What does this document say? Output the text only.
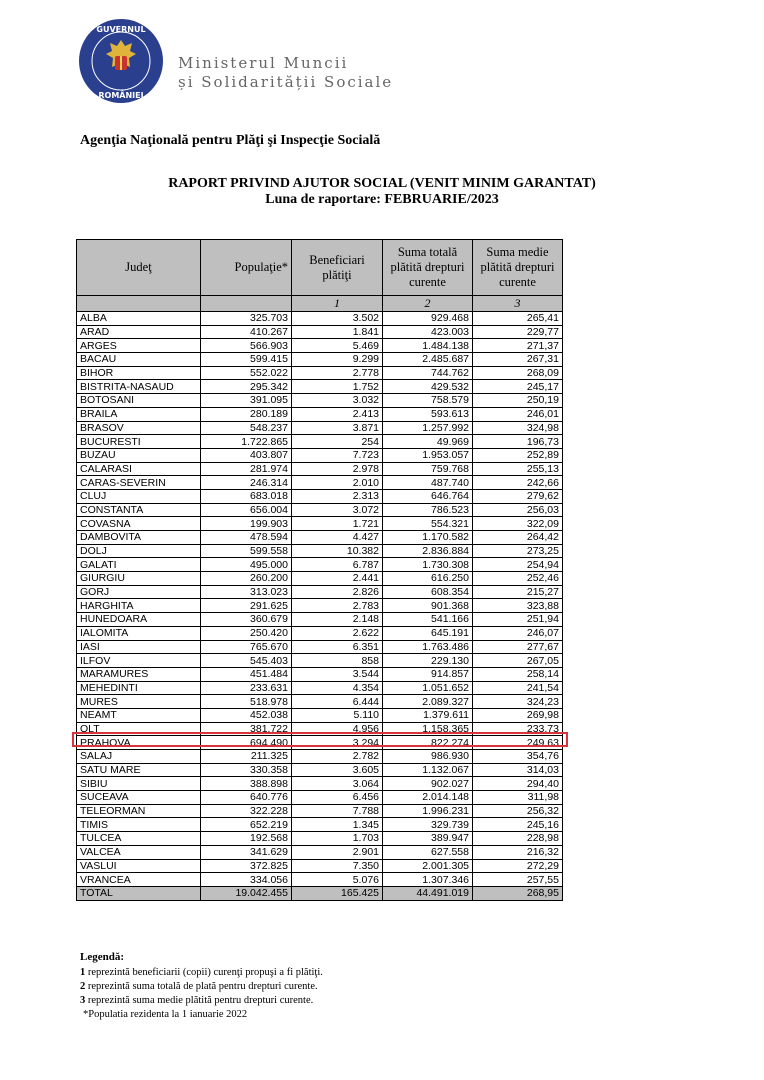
GUVERNUL
ROMÂNIEI
Ministerul Muncii
și Solidarității Sociale
Agenţia Naţională pentru Plăţi şi Inspecţie Socială
RAPORT PRIVIND AJUTOR SOCIAL (VENIT MINIM GARANTAT)
Luna de raportare: FEBRUARIE/2023
Judeţ	Populaţie*	Beneficiari plătiţi	Suma totală plătită drepturi curente	Suma medie plătită drepturi curente
		1	2	3
ALBA	325.703	3.502	929.468	265,41
ARAD	410.267	1.841	423.003	229,77
ARGES	566.903	5.469	1.484.138	271,37
BACAU	599.415	9.299	2.485.687	267,31
BIHOR	552.022	2.778	744.762	268,09
BISTRITA-NASAUD	295.342	1.752	429.532	245,17
BOTOSANI	391.095	3.032	758.579	250,19
BRAILA	280.189	2.413	593.613	246,01
BRASOV	548.237	3.871	1.257.992	324,98
BUCURESTI	1.722.865	254	49.969	196,73
BUZAU	403.807	7.723	1.953.057	252,89
CALARASI	281.974	2.978	759.768	255,13
CARAS-SEVERIN	246.314	2.010	487.740	242,66
CLUJ	683.018	2.313	646.764	279,62
CONSTANTA	656.004	3.072	786.523	256,03
COVASNA	199.903	1.721	554.321	322,09
DAMBOVITA	478.594	4.427	1.170.582	264,42
DOLJ	599.558	10.382	2.836.884	273,25
GALATI	495.000	6.787	1.730.308	254,94
GIURGIU	260.200	2.441	616.250	252,46
GORJ	313.023	2.826	608.354	215,27
HARGHITA	291.625	2.783	901.368	323,88
HUNEDOARA	360.679	2.148	541.166	251,94
IALOMITA	250.420	2.622	645.191	246,07
IASI	765.670	6.351	1.763.486	277,67
ILFOV	545.403	858	229.130	267,05
MARAMURES	451.484	3.544	914.857	258,14
MEHEDINTI	233.631	4.354	1.051.652	241,54
MURES	518.978	6.444	2.089.327	324,23
NEAMT	452.038	5.110	1.379.611	269,98
OLT	381.722	4.956	1.158.365	233,73
PRAHOVA	694.490	3.294	822.274	249,63
SALAJ	211.325	2.782	986.930	354,76
SATU MARE	330.358	3.605	1.132.067	314,03
SIBIU	388.898	3.064	902.027	294,40
SUCEAVA	640.776	6.456	2.014.148	311,98
TELEORMAN	322.228	7.788	1.996.231	256,32
TIMIS	652.219	1.345	329.739	245,16
TULCEA	192.568	1.703	389.947	228,98
VALCEA	341.629	2.901	627.558	216,32
VASLUI	372.825	7.350	2.001.305	272,29
VRANCEA	334.056	5.076	1.307.346	257,55
TOTAL	19.042.455	165.425	44.491.019	268,95
Legendă:
1 reprezintă beneficiarii (copii) curenţi propuşi a fi plătiţi.
2 reprezintă suma totală de plată pentru drepturi curente.
3 reprezintă suma medie plătită pentru drepturi curente.
*Populatia rezidenta la 1 ianuarie 2022
